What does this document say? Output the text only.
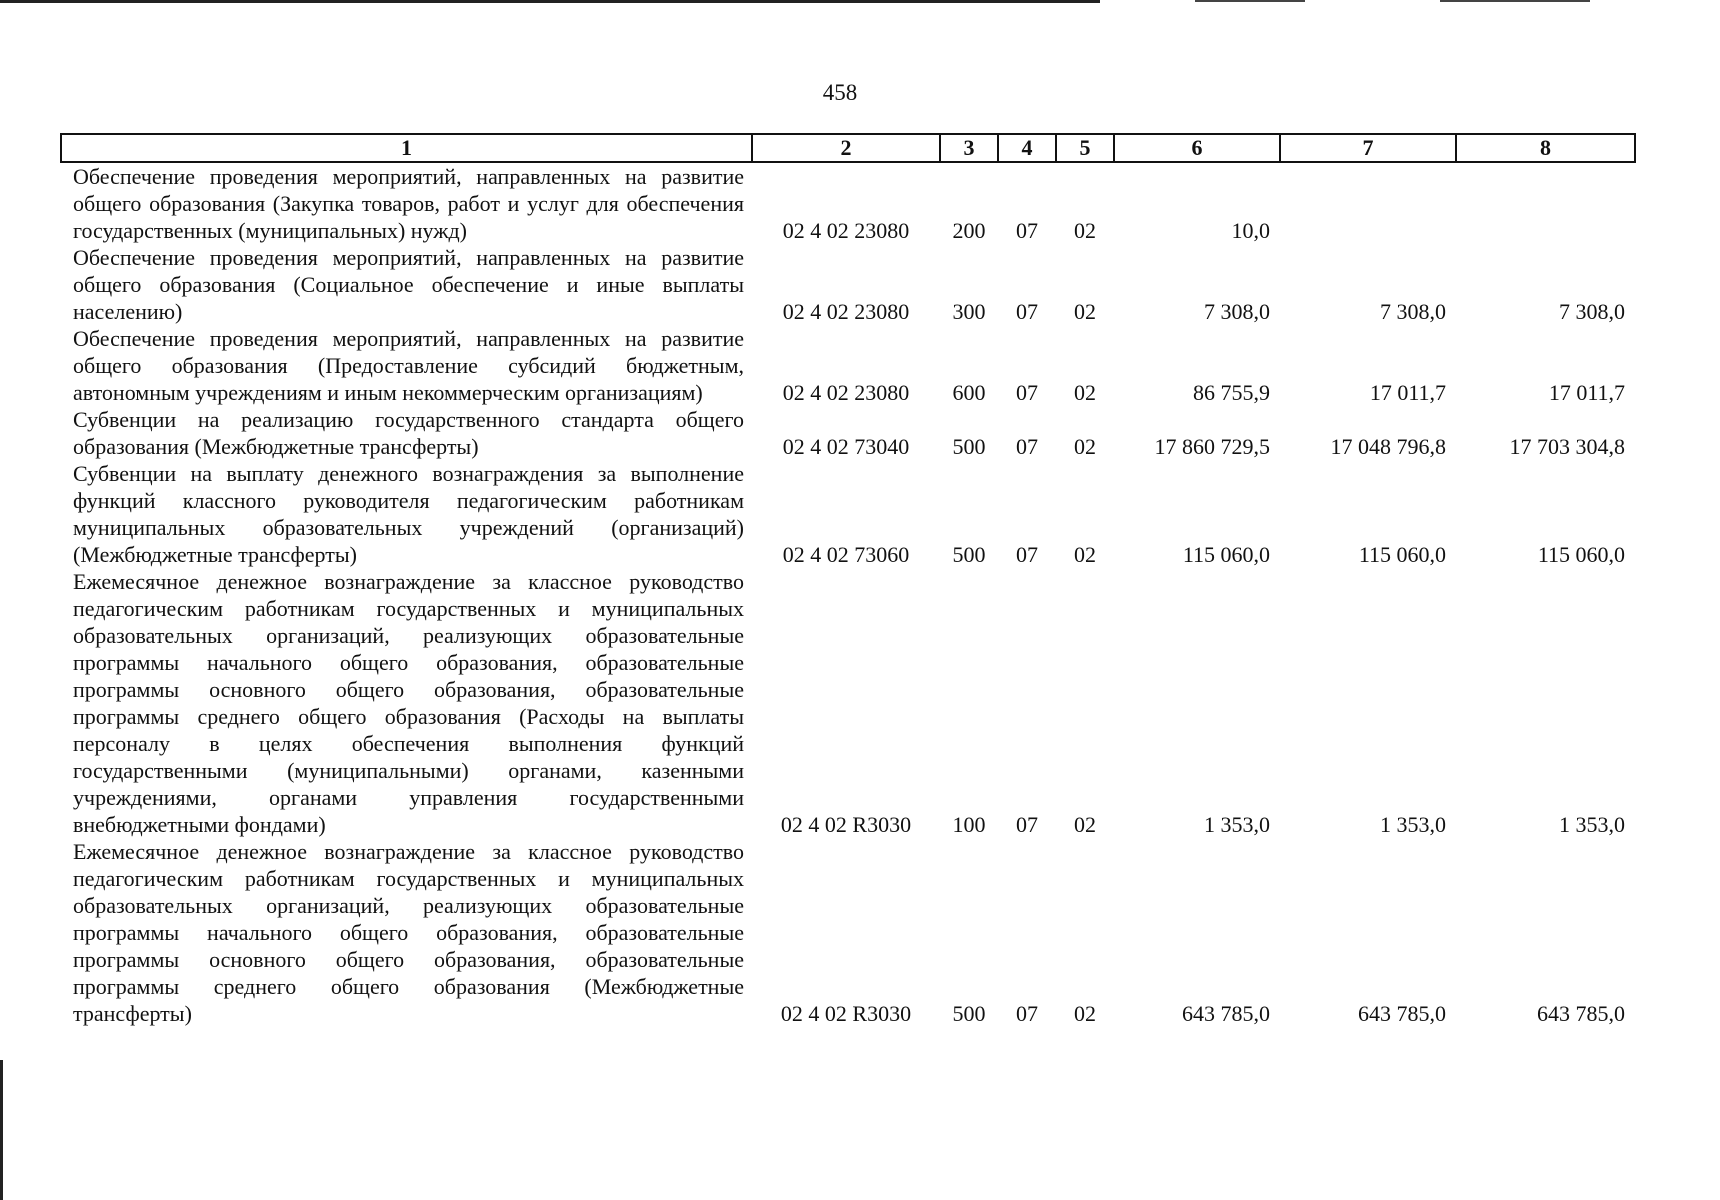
458
1	2	3	4	5	6	7	8
Обеспечение проведения мероприятий, направленных на развитие общего образования (Закупка товаров, работ и услуг для обеспечения государственных (муниципальных) нужд)	02 4 02 23080	200	07	02	10,0		
Обеспечение проведения мероприятий, направленных на развитие общего образования (Социальное обеспечение и иные выплаты населению)	02 4 02 23080	300	07	02	7 308,0	7 308,0	7 308,0
Обеспечение проведения мероприятий, направленных на развитие общего образования (Предоставление субсидий бюджетным, автономным учреждениям и иным некоммерческим организациям)	02 4 02 23080	600	07	02	86 755,9	17 011,7	17 011,7
Субвенции на реализацию государственного стандарта общего образования (Межбюджетные трансферты)	02 4 02 73040	500	07	02	17 860 729,5	17 048 796,8	17 703 304,8
Субвенции на выплату денежного вознаграждения за выполнение функций классного руководителя педагогическим работникам муниципальных образовательных учреждений (организаций) (Межбюджетные трансферты)	02 4 02 73060	500	07	02	115 060,0	115 060,0	115 060,0
Ежемесячное денежное вознаграждение за классное руководство педагогическим работникам государственных и муниципальных образовательных организаций, реализующих образовательные программы начального общего образования, образовательные программы основного общего образования, образовательные программы среднего общего образования (Расходы на выплаты персоналу в целях обеспечения выполнения функций государственными (муниципальными) органами, казенными учреждениями, органами управления государственными внебюджетными фондами)	02 4 02 R3030	100	07	02	1 353,0	1 353,0	1 353,0
Ежемесячное денежное вознаграждение за классное руководство педагогическим работникам государственных и муниципальных образовательных организаций, реализующих образовательные программы начального общего образования, образовательные программы основного общего образования, образовательные программы среднего общего образования (Межбюджетные трансферты)	02 4 02 R3030	500	07	02	643 785,0	643 785,0	643 785,0
